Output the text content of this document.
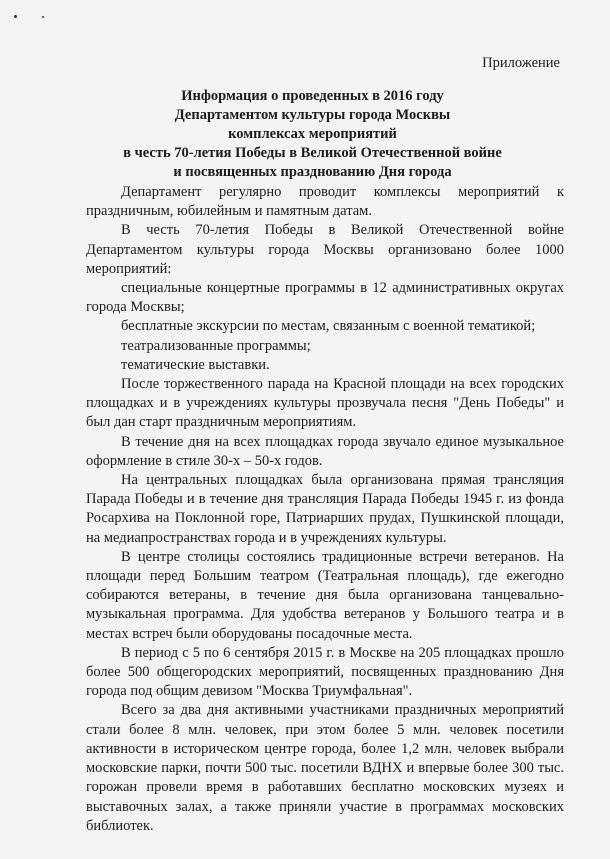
Приложение
Информация о проведенных в 2016 году
Департаментом культуры города Москвы
комплексах мероприятий
в честь 70-летия Победы в Великой Отечественной войне
и посвященных празднованию Дня города

Департамент регулярно проводит комплексы мероприятий к праздничным, юбилейным и памятным датам.

В честь 70-летия Победы в Великой Отечественной войне Департаментом культуры города Москвы организовано более 1000 мероприятий:

специальные концертные программы в 12 административных округах города Москвы;

бесплатные экскурсии по местам, связанным с военной тематикой;

театрализованные программы;

тематические выставки.

После торжественного парада на Красной площади на всех городских площадках и в учреждениях культуры прозвучала песня "День Победы" и был дан старт праздничным мероприятиям.

В течение дня на всех площадках города звучало единое музыкальное оформление в стиле 30-х – 50-х годов.

На центральных площадках была организована прямая трансляция Парада Победы и в течение дня трансляция Парада Победы 1945 г. из фонда Росархива на Поклонной горе, Патриарших прудах, Пушкинской площади, на медиапространствах города и в учреждениях культуры.

В центре столицы состоялись традиционные встречи ветеранов. На площади перед Большим театром (Театральная площадь), где ежегодно собираются ветераны, в течение дня была организована танцевально-музыкальная программа. Для удобства ветеранов у Большого театра и в местах встреч были оборудованы посадочные места.

В период с 5 по 6 сентября 2015 г. в Москве на 205 площадках прошло более 500 общегородских мероприятий, посвященных празднованию Дня города под общим девизом "Москва Триумфальная".

Всего за два дня активными участниками праздничных мероприятий стали более 8 млн. человек, при этом более 5 млн. человек посетили активности в историческом центре города, более 1,2 млн. человек выбрали московские парки, почти 500 тыс. посетили ВДНХ и впервые более 300 тыс. горожан провели время в работавших бесплатно московских музеях и выставочных залах, а также приняли участие в программах московских библиотек.
